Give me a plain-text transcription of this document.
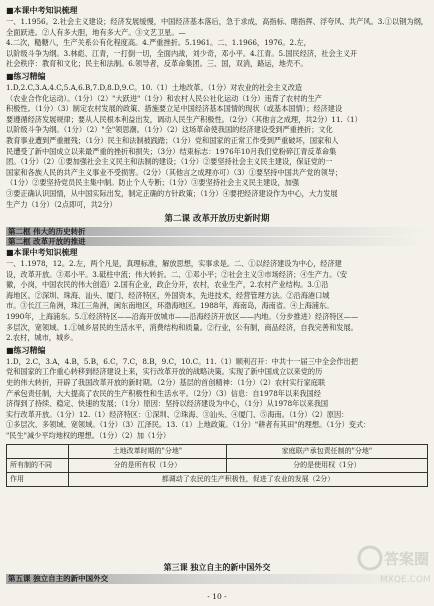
■本课中考知识梳理

一、1.1956。2.社会主义建设；经济发展缓慢，中国经济基本落后，急于求成，高指标、瞎指挥、浮夸风、共产风。3.①以钢为纲，全面跃进。②人有多大胆，地有多大产。③文艺卫星。—

4.二次，糙糖八，生产关系公有化程度高。4.严重挫折。5.1961。二、1.1966，1976。2.左，

以阶级斗争为纲。3.林彪、江青，一打倒一切，全面内战，刘少奇，邓小平。4.江青。5.国民经济，社会主义开

社会秩序：教育和文化；民主和法制。6.领导者，反革命集团。三、国，双消，路运，地壳不。

■练习精编

1.D,2.C,3.A,4.C,5.A,6.B,7.D,8.D,9.C。10.（1）土地改革。（1分）对农业的社会主义改造

（农业合作化运动）。（1分）（2）"大跃进"（1分）和农村人民公社化运动（1分）违背了农村的生产

积极性。（1分）（3）制定农村发展的政策、措施要立足中国经济基本国情的现状（或基本国情）；经济建设

要遵循经济发展规律；要从人民根本利益出发，调动人民生产积极性。（2分）（其他言之成理，共2分）11.（1）

以阶级斗争为纲。（1分）（2）"全"领思潮。（1分）（2）这场革命使我国的经济建设受到严重挫折；文化

教育事业遭到严重摧残；（1分）民主和法制被践踏；（1分）党和国家的正常工作受到严重破坏，国家和人

民遭受了新中国成立以来最严重的挫折和损失；（3分）结束标志：1976年10月我们党粉碎江青反革命集

团。（1分）（2）①要加强社会主义民主和法制的建设；（1分）②要坚持社会主义民主建设，保证党的一

国家和各族人民的共产主义事业不受损害。（2分）（其他言之成理亦可）（3）①要坚持中国共产党的领导；

（1分）②要坚持党员民主集中制。防止个人专断；（1分）③要坚持社会主义民主建设，加强

③要正确认识国情，从中国实际出发，制定正确的方针政策；（1分）④要把经济建设作为中心，大力发展

生产力（1分）（2点即可，共2分）

第二课 改革开放历史新时期
第二框 伟大的历史转折
第二框 改革开放的推进
■本课中考知识梳理

一、1.1978，12。2.左，两个凡是，真理标准，解放思想，实事求是。二、①以经济建设为中心，经济建

设，改革开放。③邓小平。3.砥柱中流；伟大转折。二、①邓小平；②社会主义③市场经济；④生产力。（安

徽，小岗，中国农民的伟大创造）2.国有企业，政企分开，农村，农业生产，2.农村产业结构。3.①沿

海地区。②深圳、珠海、汕头、厦门、经济特区，外国资本，先进技术，经营管理方法。②沿海港口城

市。③长江三角洲，珠江三角洲，闽东南地区，环渤海地区。1988年，海南岛，海南省。④上海浦东。

1990年，上海浦东。5.①经济特区——沿海开放城市——沿海经济开放区——内地。（分步推进）经济特区——

多层次，宽领域。1.①城乡居民的生活水平，消费结构和质量。②行业，公有制，商品经济，自我完善和发展。

2.农村，城市，城乡。

■练习精编

1.D，2.C，3.A，4.B，5.B，6.C，7.C，8.B，9.C，10.C。11.（1）顺利召开：中共十一届三中全会作出把

党和国家的工作重心转移到经济建设上来，实行改革开放的战略决策。实现了新中国成立以来党的历

史的伟大转折，开辟了我国改革开放的新时期。（2分）基层的首创精神：（1分）（2）农村实行家庭联

产承包责任制，大大提高了农民的生产积极性和生活水平。（2分）（3）信息：自1978年以来我国经

济得到了持续、稳定、快速的发展；（1分）原因：坚持以经济建设为中心，（1分）从1978年以来我国

实行改革开放。（1分）12.（1）经济特区：①深圳、②珠海、③汕头、④厦门、⑤海南。（1分）（2）原因：

①多层次、多领域、宽领域。（1分）（3）江泽民。13.（1）上地政策。（1分）"耕者有其田"的理想。（1分）变式：

"民生"减少平均地权的理想。（1分）（2）加（1分）

	土地改革时期的"分地"	家庭联产承包责任制的"分地"
所有制的不同	分的是所有权（1分）	分的是使用权（1分）
作用	都调动了农民的生产积极性，促进了农业的发展（2分）	
第三课 独立自主的新中国外交
第五课 独立自主的新中国外交
- 10 -
答案圈
MXQE.COM
